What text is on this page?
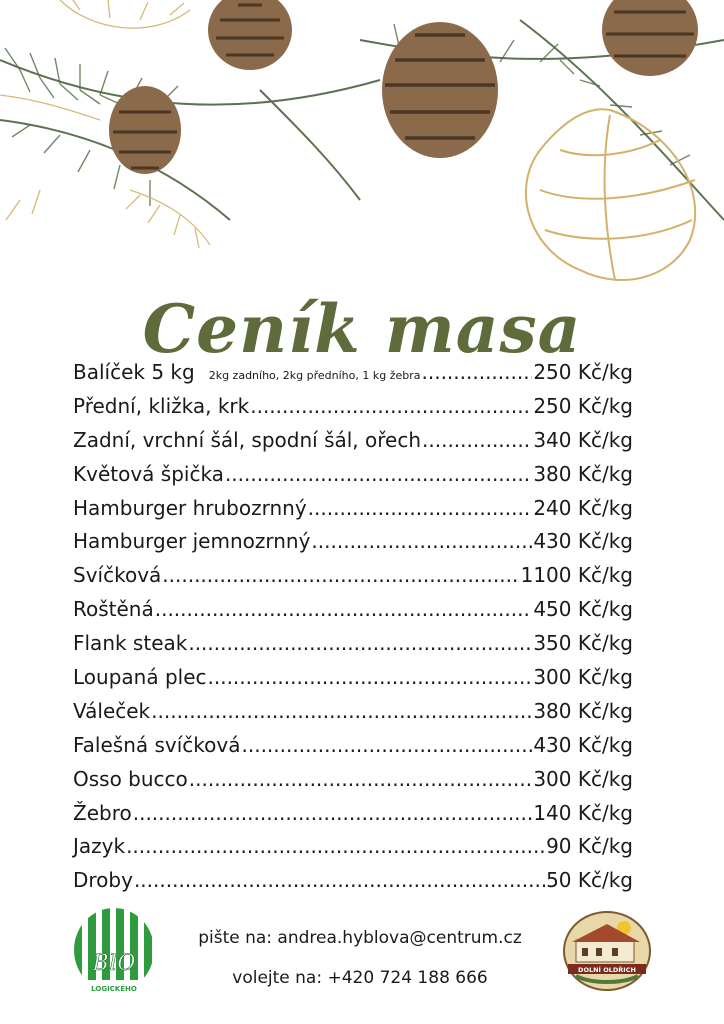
Ceník masa
Balíček 5 kg 2kg zadního, 2kg předního, 1 kg žebra .....	250 Kč/kg
Přední, kližka, krk .....	250 Kč/kg
Zadní, vrchní šál, spodní šál, ořech .....	340 Kč/kg
Květová špička .....	380 Kč/kg
Hamburger hrubozrnný .....	240 Kč/kg
Hamburger jemnozrnný .....	430 Kč/kg
Svíčková .....	1100 Kč/kg
Roštěná .....	450 Kč/kg
Flank steak .....	350 Kč/kg
Loupaná plec .....	300 Kč/kg
Váleček .....	380 Kč/kg
Falešná svíčková .....	430 Kč/kg
Osso bucco .....	300 Kč/kg
Žebro .....	140 Kč/kg
Jazyk .....	90 Kč/kg
Droby .....	50 Kč/kg
BIO
LOGICKÉHO
pište na: andrea.hyblova@centrum.cz
volejte na: +420 724 188 666	DOLNÍ OLDŘICH
